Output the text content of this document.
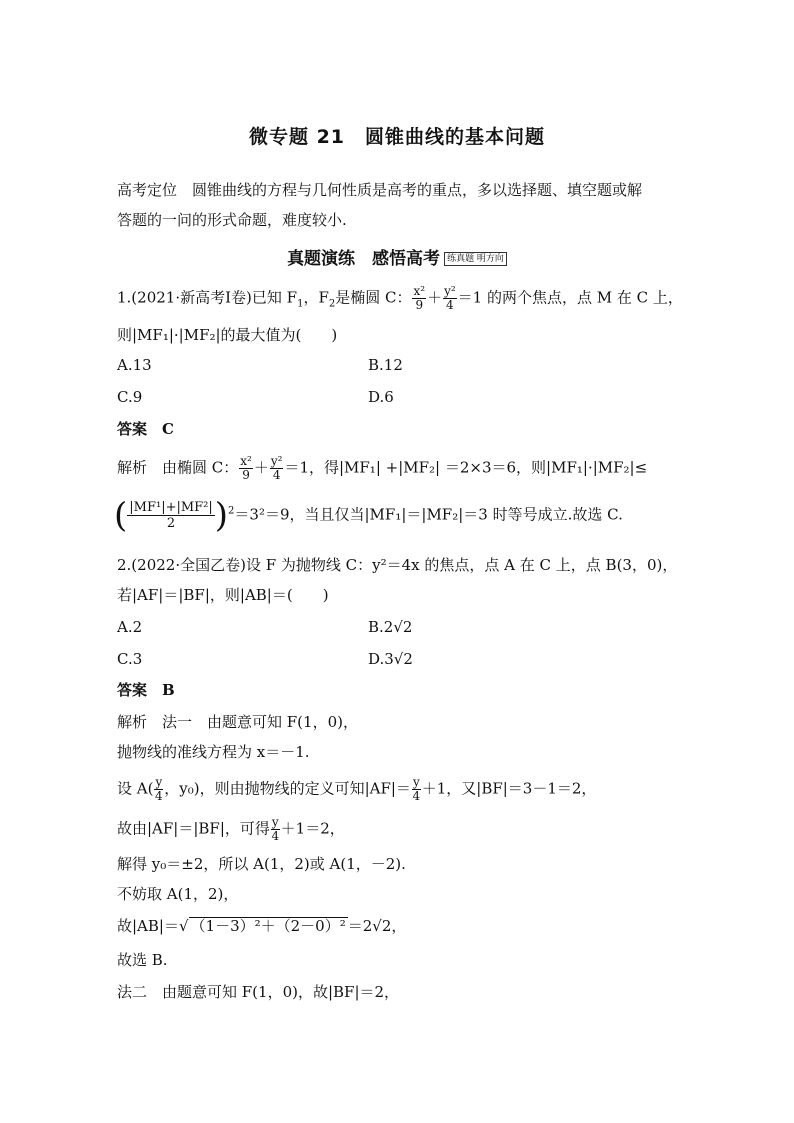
微专题 21　圆锥曲线的基本问题
高考定位　圆锥曲线的方程与几何性质是高考的重点，多以选择题、填空题或解
答题的一问的形式命题，难度较小.
真题演练　感悟高考 练真题 明方向
1.(2021·新高考Ⅰ卷)已知 $F_1$，$F_2$是椭圆 C： $\frac{\text{x²}}{9} + \frac{\text{y²}}{4} =1$ 的两个焦点，点 M 在 C 上，
则|MF₁|·|MF₂|的最大值为(　　)
A.13	B.12
C.9	D.6
答案　C
解析　由椭圆 C： $\frac{\text{x²}}{9} + \frac{\text{y²}}{4} =1$，得|MF₁| +|MF₂| ＝2×3＝6，则|MF₁|·|MF₂|≤
( $\frac{\text{|MF¹|+|MF²|}}{2})^2=3^2=9$，当且仅当|MF₁|＝|MF₂|＝3 时等号成立.故选 C.
2.(2022·全国乙卷)设 F 为抛物线 C：y²＝4x 的焦点，点 A 在 C 上，点 B(3，0)，
若|AF|＝|BF|，则|AB|＝(　　)
A.2	B.2√2
C.3	D.3√2
答案　B
解析　法一　由题意可知 F(1，0)，
抛物线的准线方程为 x＝－1.
设 $A( \frac{y}{4}$ ，y₀)，则由抛物线的定义可知$|AF|= \frac{y}{4} +1$，又|BF|＝3－1＝2，
故由|AF|＝|BF|，可得 $\frac{y}{4} +1=2$，
解得 y₀＝±2，所以 A(1，2)或 A(1，－2).
不妨取 A(1，2)，
故|AB|＝√ （1－3）²＋（2－0）² ＝2√2，
故选 B.
法二　由题意可知 F(1，0)，故|BF|＝2，
